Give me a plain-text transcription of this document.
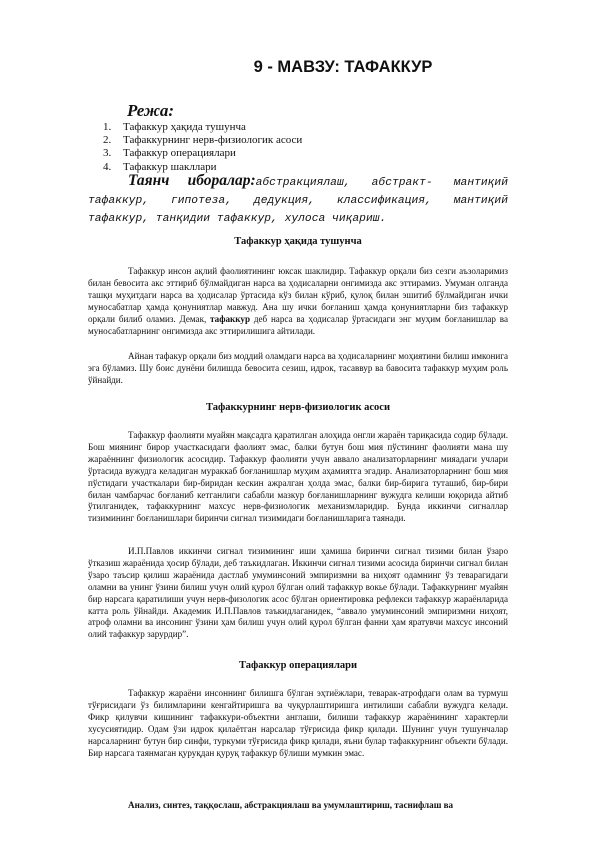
9 - МАВЗУ: ТАФАККУР
Режа:
1.	Тафаккур ҳақида тушунча
2.	Тафаккурнинг нерв-физиологик асоси
3.	Тафаккур операциялари
4.	Тафаккур шакллари
Таянч иборалар:абстракциялаш, абстракт- мантиқий тафаккур, гипотеза, дедукция, классификация, мантиқий тафаккур, танқидии тафаккур, хулоса чиқариш.
Тафаккур ҳақида тушунча

Тафаккур инсон ақлий фаолиятининг юксак шаклидир. Тафаккур орқали биз сезги аъзоларимиз билан бевосита акс эттириб бўлмайдиган нарса ва ҳодисаларни онгимизда акс эттирамиз. Умуман олганда ташқи муҳитдаги нарса ва ҳодисалар ўртасида кўз билан кўриб, қулоқ билан эшитиб бўлмайдиган ички муносабатлар ҳамда қонуниятлар мавжуд. Ана шу ички боғланиш ҳамда қонуниятларни биз тафаккур орқали билиб оламиз. Демак, тафаккур деб нарса ва ҳодисалар ўртасидаги энг муҳим боғланишлар ва муносабатларнинг онгимизда акс эттирилишига айтилади.

Айнан тафакур орқали биз моддий оламдаги нарса ва ҳодисаларнинг моҳиятини билиш имконига эга бўламиз. Шу боис дунёни билишда бевосита сезиш, идрок, тасаввур ва бавосита тафаккур муҳим роль ўйнайди.

Тафаккурнинг нерв-физиологик асоси

Тафаккур фаолияти муайян мақсадга қаратилган алоҳида онгли жараён тариқасида содир бўлади. Бош миянинг бирор участкасидаги фаолият эмас, балки бутун бош мия пўстининг фаолияти мана шу жараённинг физиологик асосидир. Тафаккур фаолияти учун аввало анализаторларнинг мияадаги учлари ўртасида вужудга келадиган мураккаб боғланишлар муҳим аҳамиятга эгадир. Анализаторларнинг бош мия пўстидаги участкалари бир-биридан кескин ажралган ҳолда эмас, балки бир-бирига туташиб, бир-бири билан чамбарчас боғланиб кетганлиги сабабли мазкур боғланишларнинг вужудга келиши юқорида айтиб ўтилганидек, тафаккурнинг махсус нерв-физиологик механизмларидир. Бунда иккинчи сигналлар тизимининг боғланишлари биринчи сигнал тизимидаги боғланишларига таянади.

И.П.Павлов иккинчи сигнал тизимининг иши ҳамиша биринчи сигнал тизими билан ўзаро ўтказиш жараёнида ҳосир бўлади, деб таъкидлаган. Иккинчи сигнал тизими асосида биринчи сигнал билан ўзаро таъсир қилиш жараёнида дастлаб умуминсоний эмпиризмни ва ниҳоят одамнинг ўз теварагидаги оламни ва унинг ўзини билиш учун олий қурол бўлган олий тафаккур вокье бўлади. Тафаккурнинг муайян бир нарсага қаратилиши учун нерв-физологик асос бўлган ориентировка рефлекси тафаккур жараёнларида катта роль ўйнайди. Академик И.П.Павлов таъкидлаганидек, “аввало умуминсоний эмпиризмни ниҳоят, атроф оламни ва инсонинг ўзини ҳам билиш учун олий қурол бўлган фанни ҳам яратувчи махсус инсоний олий тафаккур зарурдир”.

Тафаккур операциялари

Тафаккур жараёни инсоннинг билишга бўлган эҳтиёжлари, теварак-атрофдаги олам ва турмуш тўғрисидаги ўз билимларини кенгайтиришга ва чуқурлаштиришга интилиши сабабли вужудга келади. Фикр қилувчи кишининг тафаккури-объектни англаши, билиши тафаккур жараёнининг характерли хусусиятидир. Одам ўзи идрок қилаётган нарсалар тўғрисида фикр қилади. Шунинг учун тушунчалар нарсаларнинг бутун бир синфи, туркуми тўғрисида фикр қилади, яъни булар тафаккурнинг объекти бўлади. Бир нарсага таянмаган қуруқдан қуруқ тафаккур бўлиши мумкин эмас.

Анализ, синтез, таққослаш, абстракциялаш ва умумлаштириш, таснифлаш ва
